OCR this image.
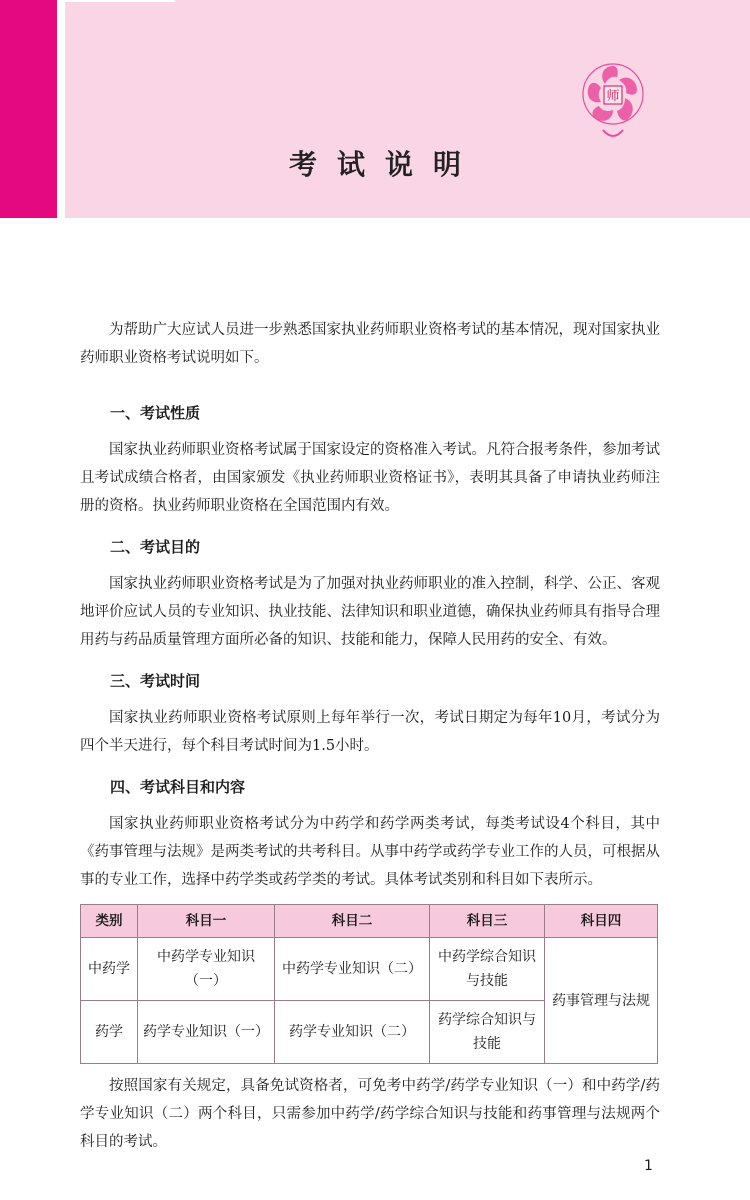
师
考试说明

为帮助广大应试人员进一步熟悉国家执业药师职业资格考试的基本情况，现对国家执业药师职业资格考试说明如下。

一、考试性质

国家执业药师职业资格考试属于国家设定的资格准入考试。凡符合报考条件，参加考试且考试成绩合格者，由国家颁发《执业药师职业资格证书》，表明其具备了申请执业药师注册的资格。执业药师职业资格在全国范围内有效。

二、考试目的

国家执业药师职业资格考试是为了加强对执业药师职业的准入控制，科学、公正、客观地评价应试人员的专业知识、执业技能、法律知识和职业道德，确保执业药师具有指导合理用药与药品质量管理方面所必备的知识、技能和能力，保障人民用药的安全、有效。

三、考试时间

国家执业药师职业资格考试原则上每年举行一次，考试日期定为每年10月，考试分为四个半天进行，每个科目考试时间为1.5小时。

四、考试科目和内容

国家执业药师职业资格考试分为中药学和药学两类考试，每类考试设4个科目，其中《药事管理与法规》是两类考试的共考科目。从事中药学或药学专业工作的人员，可根据从事的专业工作，选择中药学类或药学类的考试。具体考试类别和科目如下表所示。

类别	科目一	科目二	科目三	科目四
中药学	中药学专业知识（一）	中药学专业知识（二）	中药学综合知识与技能	药事管理与法规
药学	药学专业知识（一）	药学专业知识（二）	药学综合知识与技能	

按照国家有关规定，具备免试资格者，可免考中药学/药学专业知识（一）和中药学/药学专业知识（二）两个科目，只需参加中药学/药学综合知识与技能和药事管理与法规两个科目的考试。

1
